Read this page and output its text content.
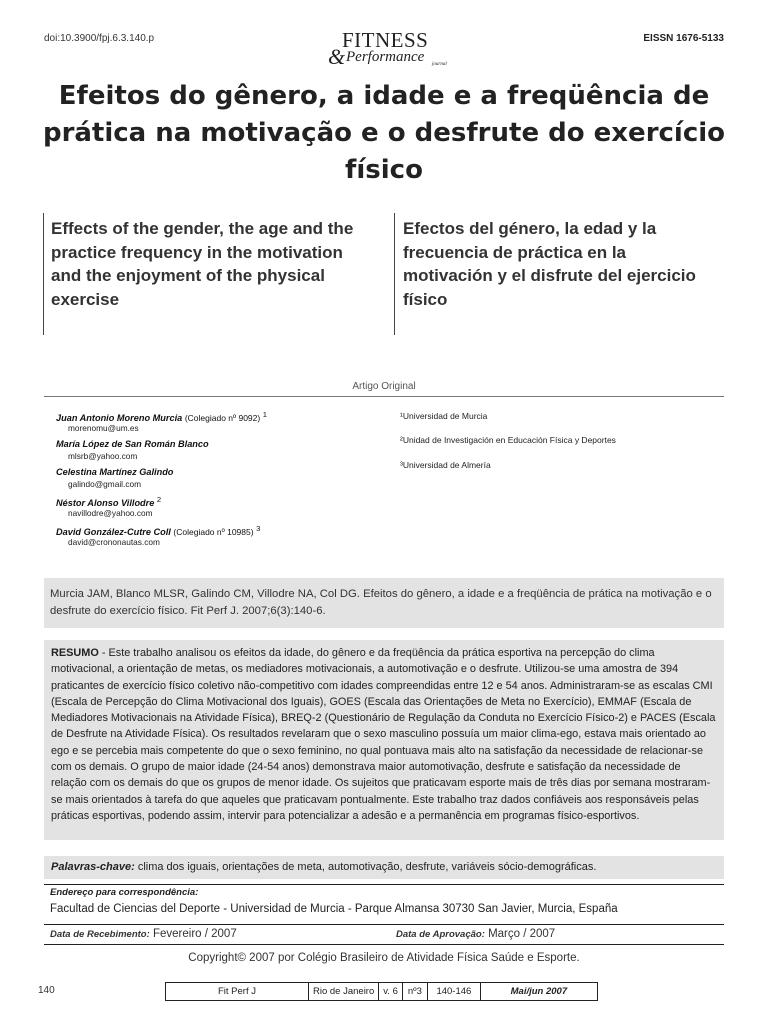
doi:10.3900/fpj.6.3.140.p	EISSN 1676-5133
FITNESS
& Performance journal
Efeitos do gênero, a idade e a freqüência de prática na motivação e o desfrute do exercício físico
Effects of the gender, the age and the practice frequency in the motivation and the enjoyment of the physical exercise
Efectos del género, la edad y la frecuencia de práctica en la motivación y el disfrute del ejercicio físico
Artigo Original
Juan Antonio Moreno Murcia (Colegiado nº 9092) $^1$
morenomu@um.es
María López de San Román Blanco
mlsrb@yahoo.com
Celestina Martínez Galindo
galindo@gmail.com
Néstor Alonso Villodre $^2$
navillodre@yahoo.com
David González-Cutre Coll (Colegiado nº 10985) $^3$
david@crononautas.com
¹Universidad de Murcia
²Unidad de Investigación en Educación Física y Deportes
³Universidad de Almería

Murcia JAM, Blanco MLSR, Galindo CM, Villodre NA, Col DG. Efeitos do gênero, a idade e a freqüência de prática na motivação e o desfrute do exercício físico. Fit Perf J. 2007;6(3):140-6.

RESUMO - Este trabalho analisou os efeitos da idade, do gênero e da freqüência da prática esportiva na percepção do clima motivacional, a orientação de metas, os mediadores motivacionais, a automotivação e o desfrute. Utilizou-se uma amostra de 394 praticantes de exercício físico coletivo não-competitivo com idades compreendidas entre 12 e 54 anos. Administraram-se as escalas CMI (Escala de Percepção do Clima Motivacional dos Iguais), GOES (Escala das Orientações de Meta no Exercício), EMMAF (Escala de Mediadores Motivacionais na Atividade Física), BREQ-2 (Questionário de Regulação da Conduta no Exercício Físico-2) e PACES (Escala de Desfrute na Atividade Física). Os resultados revelaram que o sexo masculino possuía um maior clima-ego, estava mais orientado ao ego e se percebia mais competente do que o sexo feminino, no qual pontuava mais alto na satisfação da necessidade de relacionar-se com os demais. O grupo de maior idade (24-54 anos) demonstrava maior automotivação, desfrute e satisfação da necessidade de relação com os demais do que os grupos de menor idade. Os sujeitos que praticavam esporte mais de três dias por semana mostraram-se mais orientados à tarefa do que aqueles que praticavam pontualmente. Este trabalho traz dados confiáveis aos responsáveis pelas práticas esportivas, podendo assim, intervir para potencializar a adesão e a permanência em programas físico-esportivos.

Palavras-chave: clima dos iguais, orientações de meta, automotivação, desfrute, variáveis sócio-demográficas.

Endereço para correspondência:
Facultad de Ciencias del Deporte - Universidad de Murcia - Parque Almansa 30730 San Javier, Murcia, España
Data de Recebimento: Fevereiro / 2007	Data de Aprovação: Março / 2007
Copyright© 2007 por Colégio Brasileiro de Atividade Física Saúde e Esporte.
140	Fit Perf J	Rio de Janeiro	v. 6	nº3	140-146	Mai/jun 2007
